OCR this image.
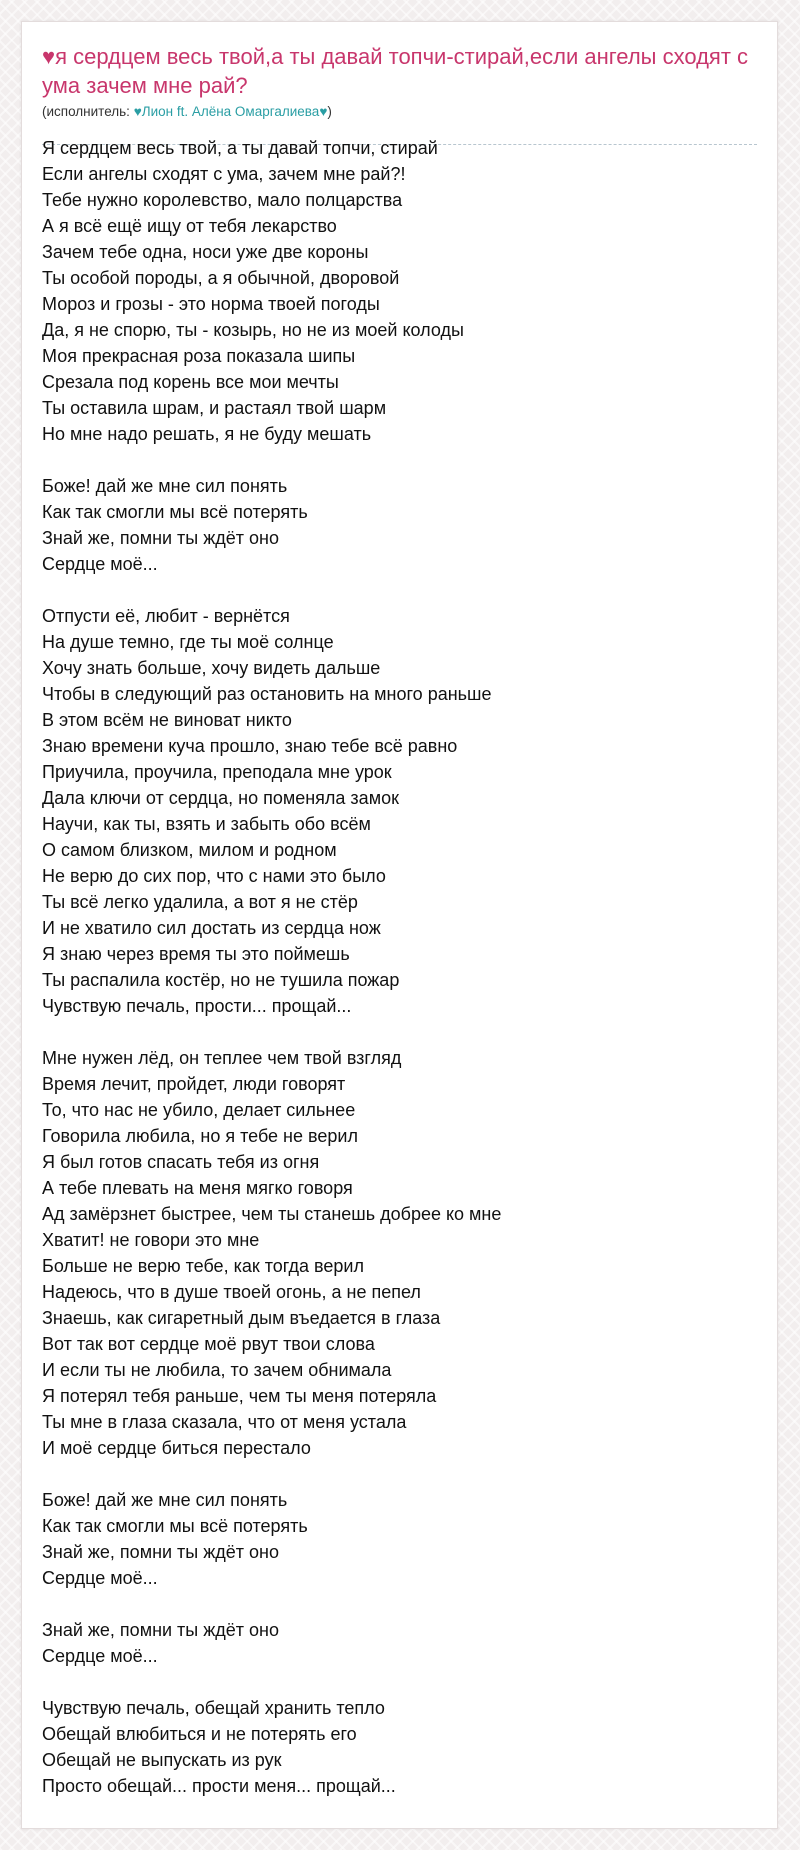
♥я сердцем весь твой,а ты давай топчи-стирай,если ангелы сходят с ума зачем мне рай?
(исполнитель: ♥Лион ft. Алёна Омаргалиева♥)
Я сердцем весь твой, а ты давай топчи, стирай
Если ангелы сходят с ума, зачем мне рай?!
Тебе нужно королевство, мало полцарства
А я всё ещё ищу от тебя лекарство
Зачем тебе одна, носи уже две короны
Ты особой породы, а я обычной, дворовой
Мороз и грозы - это норма твоей погоды
Да, я не спорю, ты - козырь, но не из моей колоды
Моя прекрасная роза показала шипы
Срезала под корень все мои мечты
Ты оставила шрам, и растаял твой шарм
Но мне надо решать, я не буду мешать

Боже! дай же мне сил понять
Как так смогли мы всё потерять
Знай же, помни ты ждёт оно
Сердце моё...

Отпусти её, любит - вернётся
На душе темно, где ты моё солнце
Хочу знать больше, хочу видеть дальше
Чтобы в следующий раз остановить на много раньше
В этом всём не виноват никто
Знаю времени куча прошло, знаю тебе всё равно
Приучила, проучила, преподала мне урок
Дала ключи от сердца, но поменяла замок
Научи, как ты, взять и забыть обо всём
О самом близком, милом и родном
Не верю до сих пор, что с нами это было
Ты всё легко удалила, а вот я не стёр
И не хватило сил достать из сердца нож
Я знаю через время ты это поймешь
Ты распалила костёр, но не тушила пожар
Чувствую печаль, прости... прощай...

Мне нужен лёд, он теплее чем твой взгляд
Время лечит, пройдет, люди говорят
То, что нас не убило, делает сильнее
Говорила любила, но я тебе не верил
Я был готов спасать тебя из огня
А тебе плевать на меня мягко говоря
Ад замёрзнет быстрее, чем ты станешь добрее ко мне
Хватит! не говори это мне
Больше не верю тебе, как тогда верил
Надеюсь, что в душе твоей огонь, а не пепел
Знаешь, как сигаретный дым въедается в глаза
Вот так вот сердце моё рвут твои слова
И если ты не любила, то зачем обнимала
Я потерял тебя раньше, чем ты меня потеряла
Ты мне в глаза сказала, что от меня устала
И моё сердце биться перестало

Боже! дай же мне сил понять
Как так смогли мы всё потерять
Знай же, помни ты ждёт оно
Сердце моё...

Знай же, помни ты ждёт оно
Сердце моё...

Чувствую печаль, обещай хранить тепло
Обещай влюбиться и не потерять его
Обещай не выпускать из рук
Просто обещай... прости меня... прощай...
